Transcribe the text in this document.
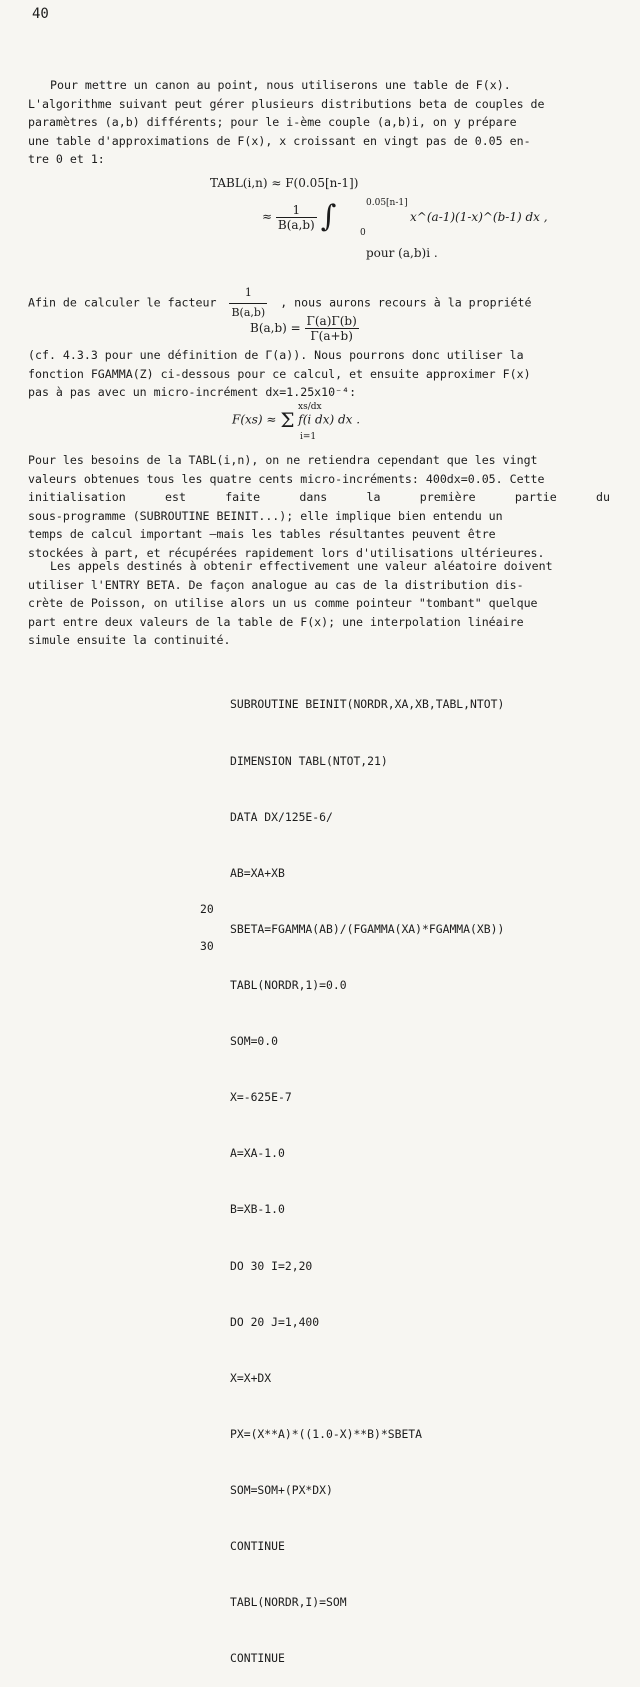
40
Pour mettre un canon au point, nous utiliserons une table de F(x).
L'algorithme suivant peut gérer plusieurs distributions beta de couples de
paramètres (a,b) différents; pour le i-ème couple (a,b)i, on y prépare
une table d'approximations de F(x), x croissant en vingt pas de 0.05 en-
tre 0 et 1:
TABL(i,n) ≈ F(0.05[n-1])
≈ $\frac{1}{B(a,b)}$ ∫	0.05[n-1]
0
x^(a-1)(1-x)^(b-1) dx ,
pour (a,b)i .
Afin de calculer le facteur $\frac{1}{B(a,b)}$ , nous aurons recours à la propriété
$B(a,b) = \frac{\Gamma(a)\Gamma(b)}{\Gamma(a+b)}$
(cf. 4.3.3 pour une définition de Γ(a)). Nous pourrons donc utiliser la
fonction FGAMMA(Z) ci-dessous pour ce calcul, et ensuite approximer F(x)
pas à pas avec un micro-incrément dx=1.25x10⁻⁴:
xs/dx
F(xs) ≈ Σ
i=1
f(i dx) dx .
Pour les besoins de la TABL(i,n), on ne retiendra cependant que les vingt
valeurs obtenues tous les quatre cents micro-incréments: 400dx=0.05. Cette
initialisation est faite dans la première partie du
sous-programme (SUBROUTINE BEINIT...); elle implique bien entendu un
temps de calcul important —mais les tables résultantes peuvent être
stockées à part, et récupérées rapidement lors d'utilisations ultérieures.
Les appels destinés à obtenir effectivement une valeur aléatoire doivent
utiliser l'ENTRY BETA. De façon analogue au cas de la distribution dis-
crète de Poisson, on utilise alors un us comme pointeur "tombant" quelque
part entre deux valeurs de la table de F(x); une interpolation linéaire
simule ensuite la continuité.

SUBROUTINE BEINIT(NORDR,XA,XB,TABL,NTOT)

DIMENSION TABL(NTOT,21)

DATA DX/125E-6/

AB=XA+XB

SBETA=FGAMMA(AB)/(FGAMMA(XA)*FGAMMA(XB))

TABL(NORDR,1)=0.0

SOM=0.0

X=-625E-7

A=XA-1.0

B=XB-1.0

DO 30 I=2,20

DO 20 J=1,400

X=X+DX

PX=(X**A)*((1.0-X)**B)*SBETA

SOM=SOM+(PX*DX)

CONTINUE

TABL(NORDR,I)=SOM

CONTINUE

30
20
